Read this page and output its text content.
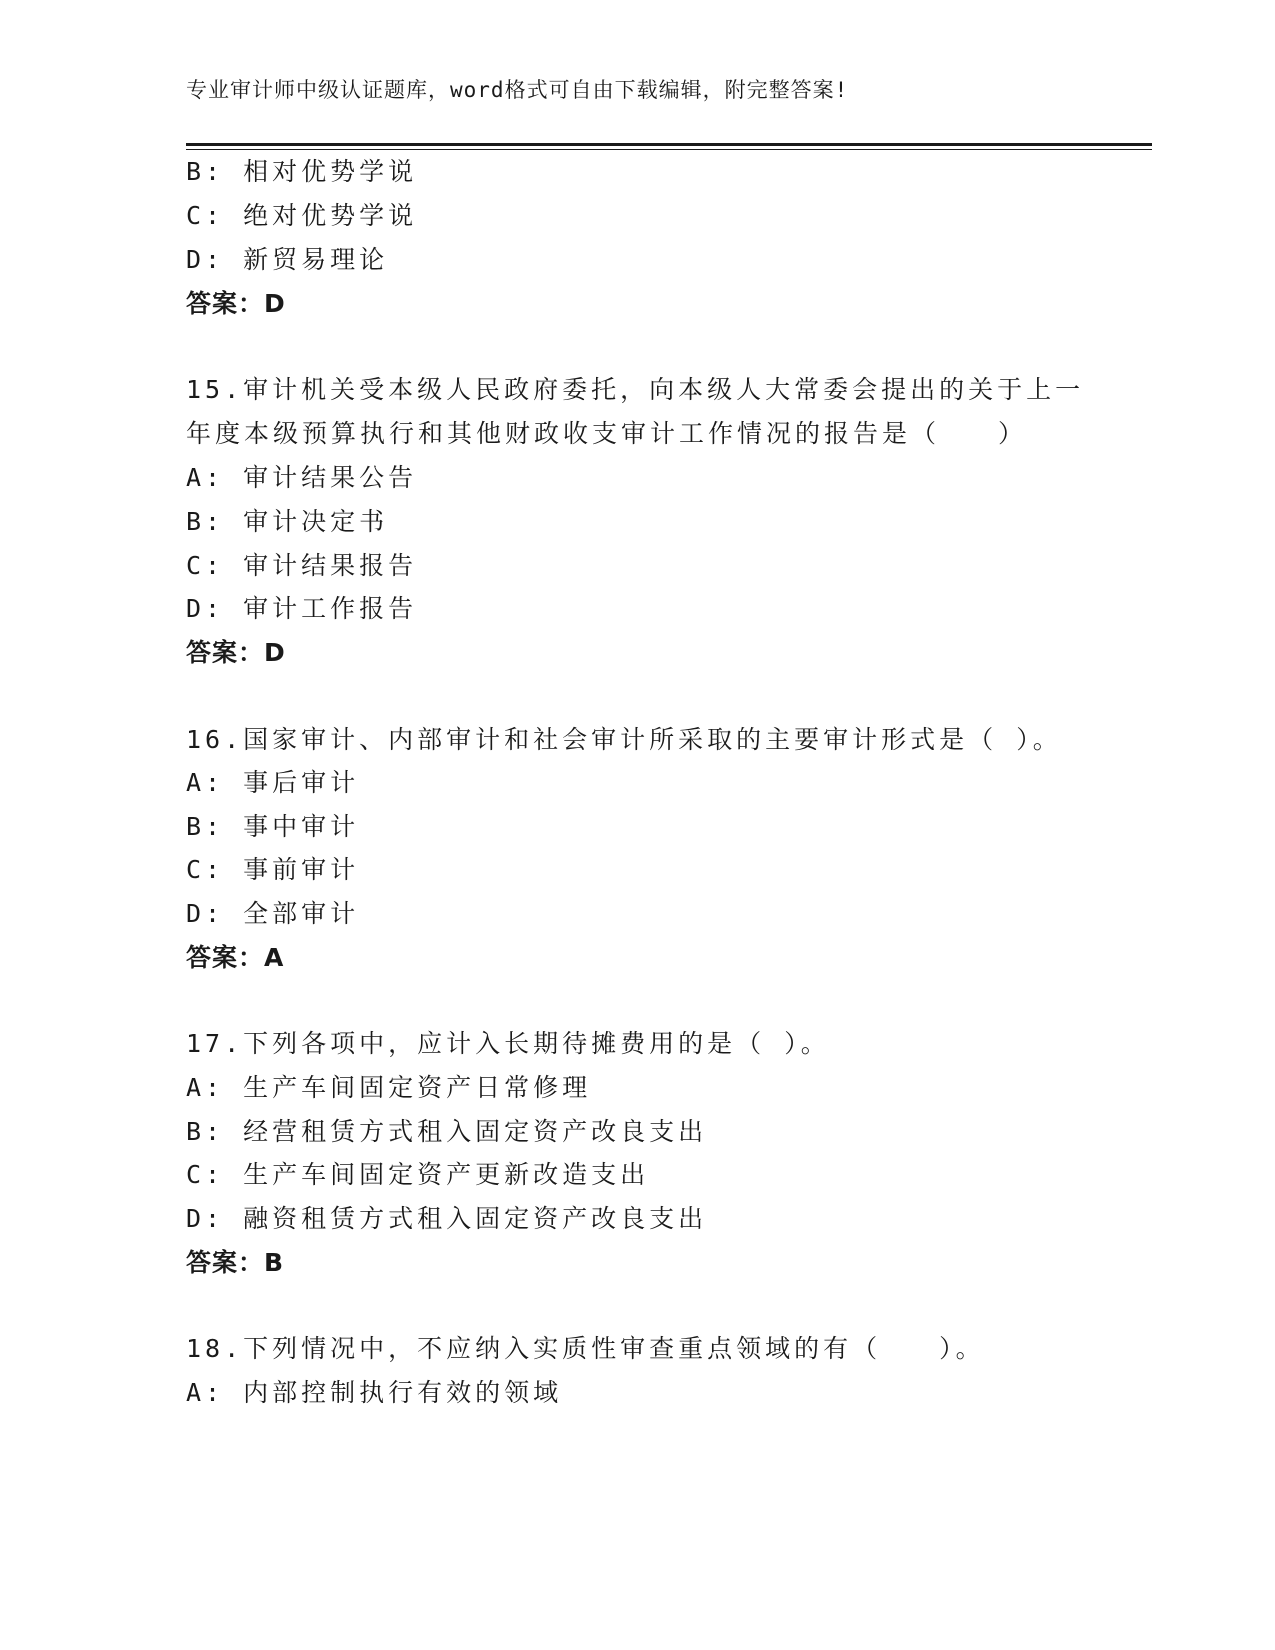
专业审计师中级认证题库，word格式可自由下载编辑，附完整答案!
B: 相对优势学说
C: 绝对优势学说
D: 新贸易理论
答案：D
15.审计机关受本级人民政府委托，向本级人大常委会提出的关于上一
年度本级预算执行和其他财政收支审计工作情况的报告是（　　）
A: 审计结果公告
B: 审计决定书
C: 审计结果报告
D: 审计工作报告
答案：D
16.国家审计、内部审计和社会审计所采取的主要审计形式是（ ）。
A: 事后审计
B: 事中审计
C: 事前审计
D: 全部审计
答案：A
17.下列各项中，应计入长期待摊费用的是（ ）。
A: 生产车间固定资产日常修理
B: 经营租赁方式租入固定资产改良支出
C: 生产车间固定资产更新改造支出
D: 融资租赁方式租入固定资产改良支出
答案：B
18.下列情况中，不应纳入实质性审查重点领域的有（　　）。
A: 内部控制执行有效的领域
